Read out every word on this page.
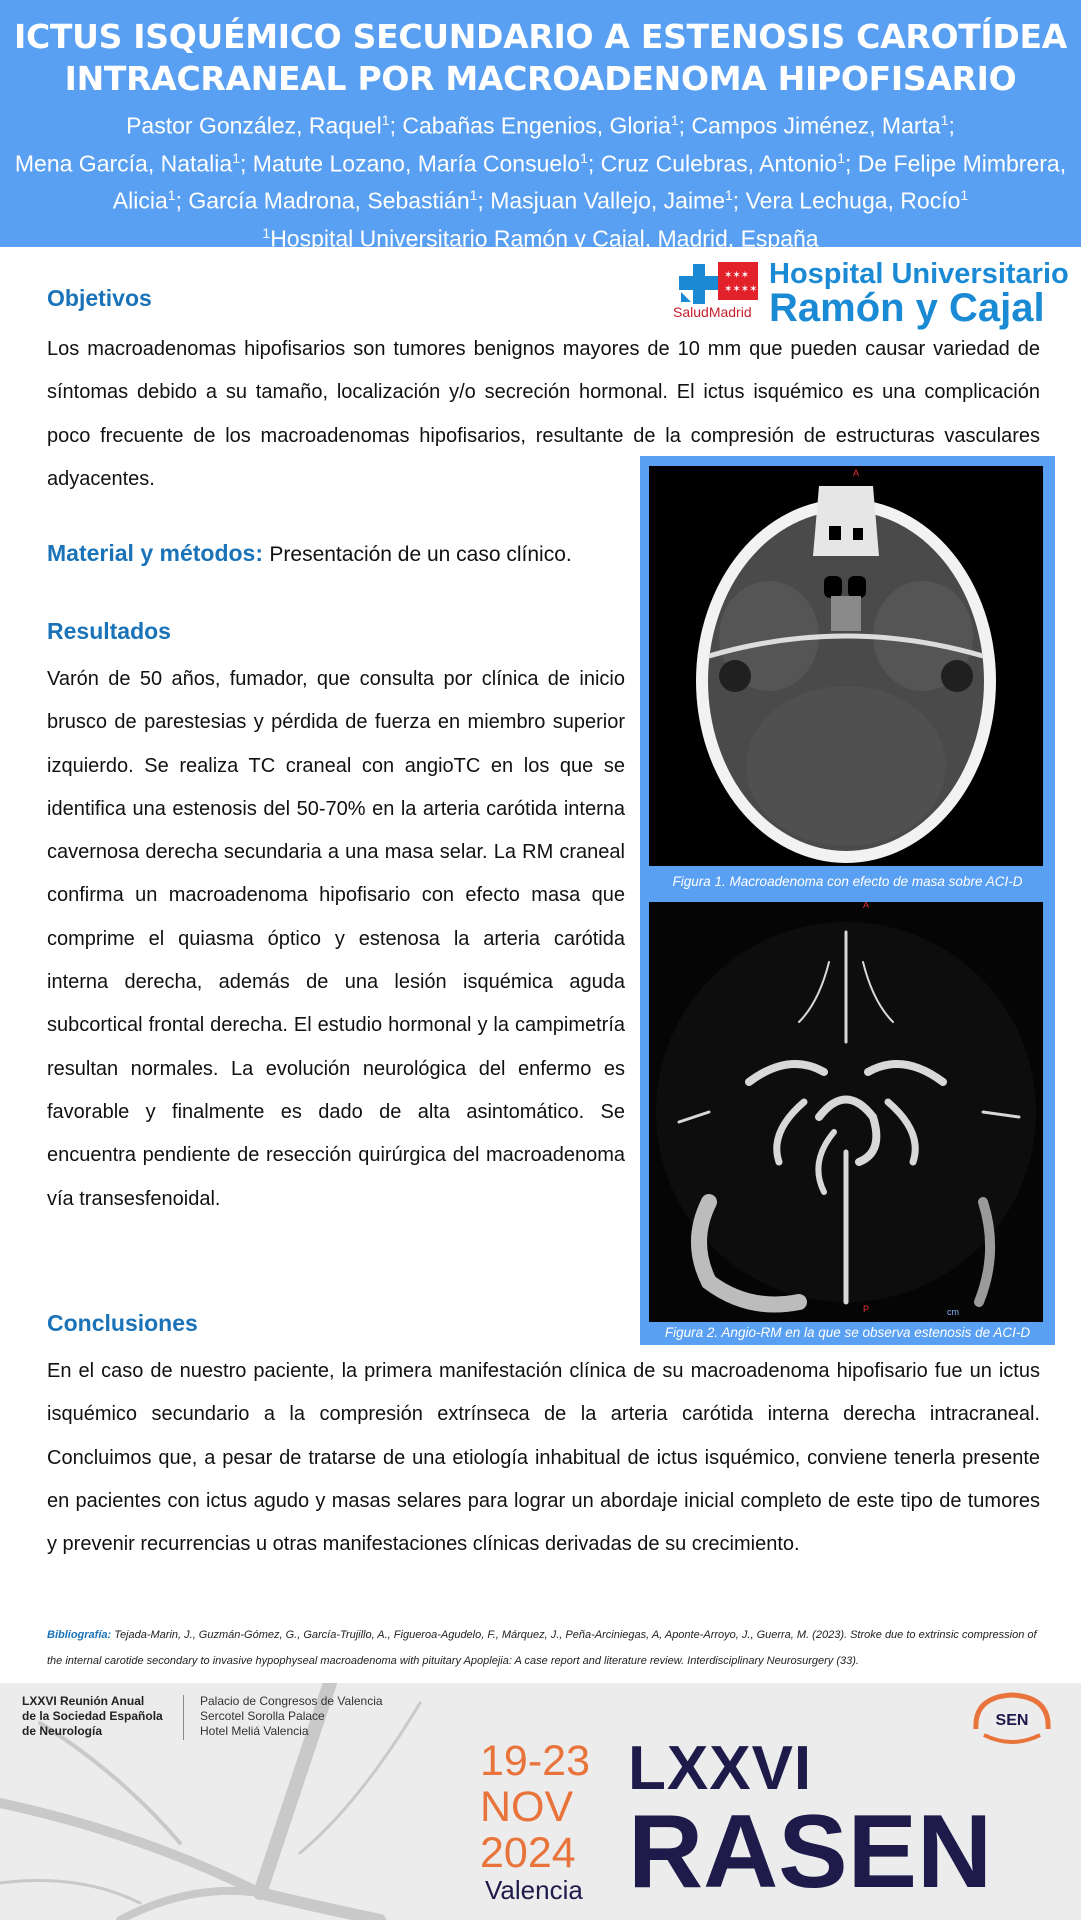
ICTUS ISQUÉMICO SECUNDARIO A ESTENOSIS CAROTÍDEA INTRACRANEAL POR MACROADENOMA HIPOFISARIO
Pastor González, Raquel$^1$; Cabañas Engenios, Gloria$^1$; Campos Jiménez, Marta$^1$;
Mena García, Natalia$^1$; Matute Lozano, María Consuelo$^1$; Cruz Culebras, Antonio$^1$; De Felipe Mimbrera, Alicia$^1$; García Madrona, Sebastián$^1$; Masjuan Vallejo, Jaime$^1$; Vera Lechuga, Rocío$^1$
$^1$Hospital Universitario Ramón y Cajal, Madrid, España
✶✶✶
✶✶✶✶
SaludMadrid
Hospital Universitario
Ramón y Cajal
Objetivos
Los macroadenomas hipofisarios son tumores benignos mayores de 10 mm que pueden causar variedad de síntomas debido a su tamaño, localización y/o secreción hormonal. El ictus isquémico es una complicación poco frecuente de los macroadenomas hipofisarios, resultante de la compresión de estructuras vasculares adyacentes.
Material y métodos: Presentación de un caso clínico.
Resultados
Varón de 50 años, fumador, que consulta por clínica de inicio brusco de parestesias y pérdida de fuerza en miembro superior izquierdo. Se realiza TC craneal con angioTC en los que se identifica una estenosis del 50-70% en la arteria carótida interna cavernosa derecha secundaria a una masa selar. La RM craneal confirma un macroadenoma hipofisario con efecto masa que comprime el quiasma óptico y estenosa la arteria carótida interna derecha, además de una lesión isquémica aguda subcortical frontal derecha. El estudio hormonal y la campimetría resultan normales. La evolución neurológica del enfermo es favorable y finalmente es dado de alta asintomático. Se encuentra pendiente de resección quirúrgica del macroadenoma vía transesfenoidal.
A
Figura 1. Macroadenoma con efecto de masa sobre ACI-D
A
P	cm
Figura 2. Angio-RM en la que se observa estenosis de ACI-D
Conclusiones
En el caso de nuestro paciente, la primera manifestación clínica de su macroadenoma hipofisario fue un ictus isquémico secundario a la compresión extrínseca de la arteria carótida interna derecha intracraneal. Concluimos que, a pesar de tratarse de una etiología inhabitual de ictus isquémico, conviene tenerla presente en pacientes con ictus agudo y masas selares para lograr un abordaje inicial completo de este tipo de tumores y prevenir recurrencias u otras manifestaciones clínicas derivadas de su crecimiento.
Bibliografía: Tejada-Marin, J., Guzmán-Gómez, G., García-Trujillo, A., Figueroa-Agudelo, F., Márquez, J., Peña-Arciniegas, A, Apontе-Arroyo, J., Guerra, M. (2023). Stroke due to extrinsic compression of the internal carotide secondary to invasive hypophyseal macroadenoma with pituitary Apoplejia: A case report and literature review. Interdisciplinary Neurosurgery (33).
LXXVI Reunión Anual
de la Sociedad Española
de Neurología
Palacio de Congresos de Valencia
Sercotel Sorolla Palace
Hotel Meliá Valencia
19-23
NOV
2024
Valencia
LXXVI
RASEN
SEN
